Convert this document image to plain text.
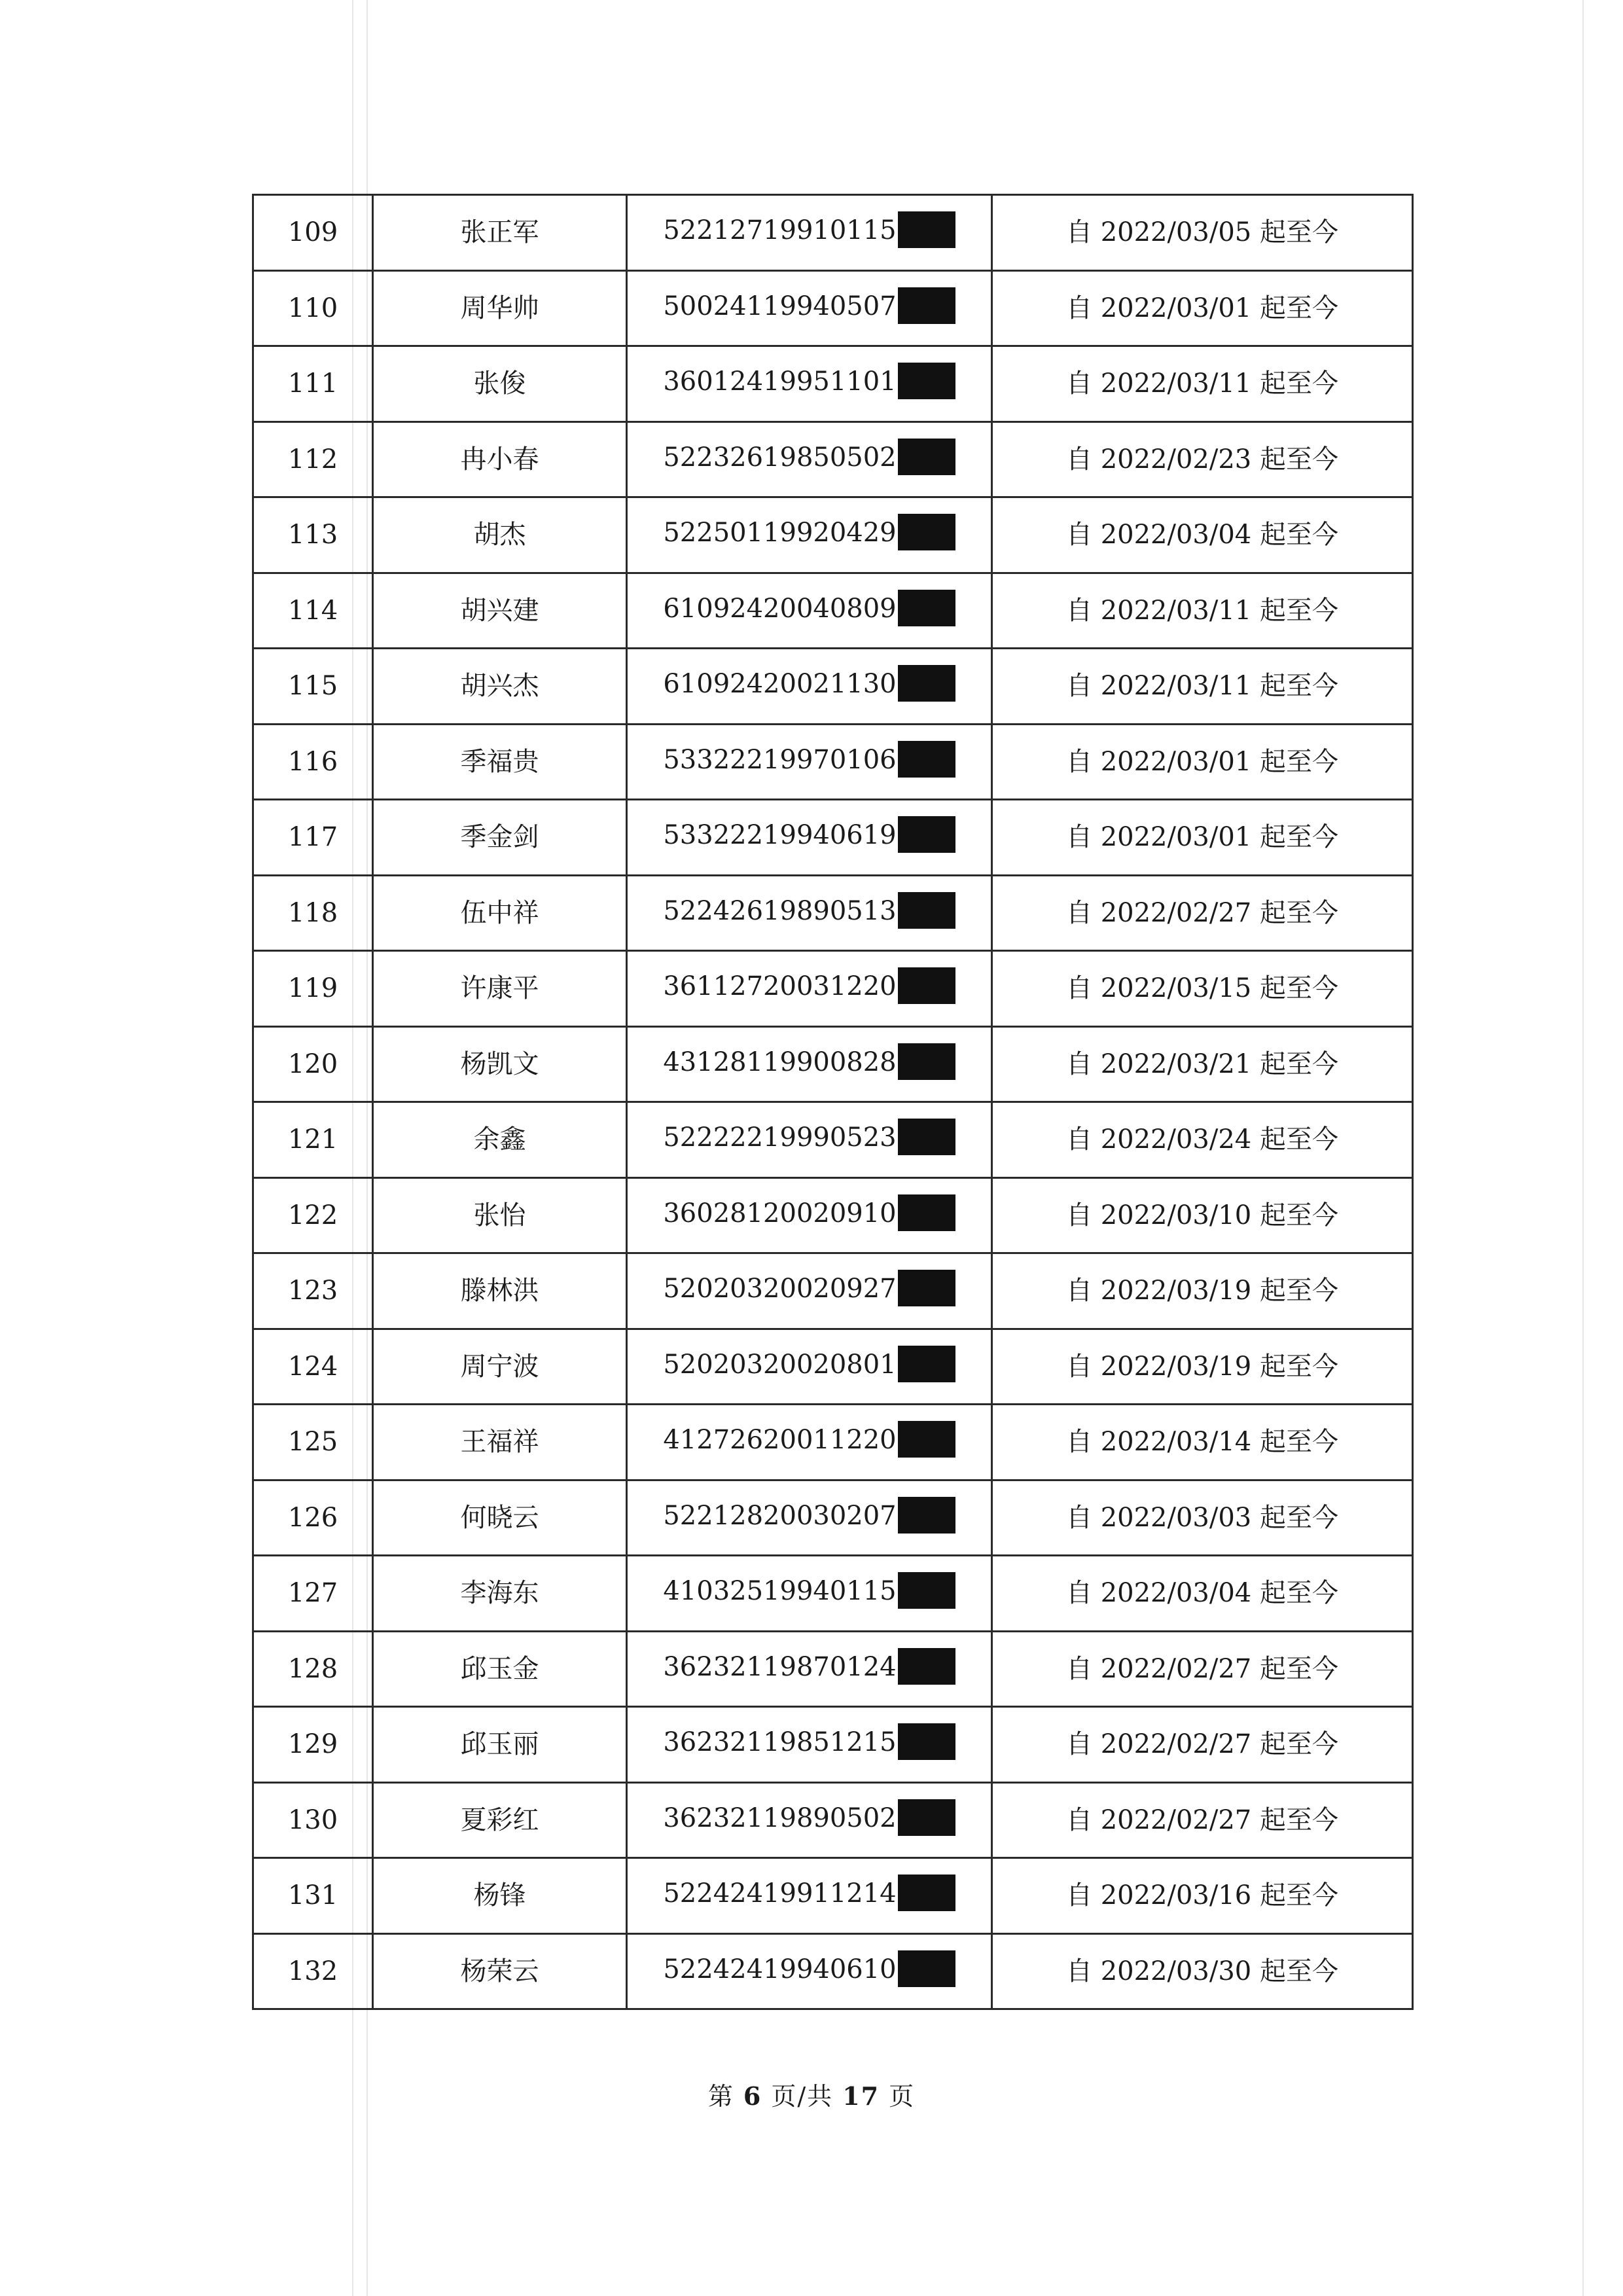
109	张正军	52212719910115	自 2022/03/05 起至今
110	周华帅	50024119940507	自 2022/03/01 起至今
111	张俊	36012419951101	自 2022/03/11 起至今
112	冉小春	52232619850502	自 2022/02/23 起至今
113	胡杰	52250119920429	自 2022/03/04 起至今
114	胡兴建	61092420040809	自 2022/03/11 起至今
115	胡兴杰	61092420021130	自 2022/03/11 起至今
116	季福贵	53322219970106	自 2022/03/01 起至今
117	季金剑	53322219940619	自 2022/03/01 起至今
118	伍中祥	52242619890513	自 2022/02/27 起至今
119	许康平	36112720031220	自 2022/03/15 起至今
120	杨凯文	43128119900828	自 2022/03/21 起至今
121	余鑫	52222219990523	自 2022/03/24 起至今
122	张怡	36028120020910	自 2022/03/10 起至今
123	滕林洪	52020320020927	自 2022/03/19 起至今
124	周宁波	52020320020801	自 2022/03/19 起至今
125	王福祥	41272620011220	自 2022/03/14 起至今
126	何晓云	52212820030207	自 2022/03/03 起至今
127	李海东	41032519940115	自 2022/03/04 起至今
128	邱玉金	36232119870124	自 2022/02/27 起至今
129	邱玉丽	36232119851215	自 2022/02/27 起至今
130	夏彩红	36232119890502	自 2022/02/27 起至今
131	杨锋	52242419911214	自 2022/03/16 起至今
132	杨荣云	52242419940610	自 2022/03/30 起至今
第 6 页/共 17 页
